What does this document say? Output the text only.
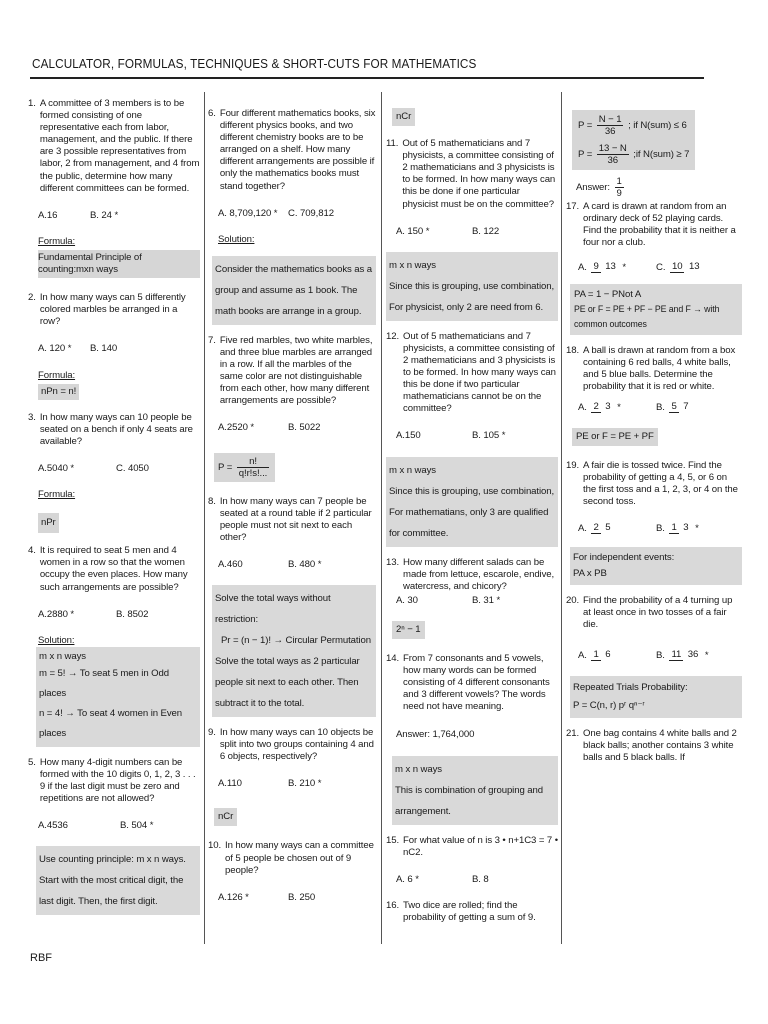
CALCULATOR, FORMULAS, TECHNIQUES & SHORT-CUTS FOR MATHEMATICS
1. A committee of 3 members is to be formed consisting of one representative each from labor, management, and the public. If there are 3 possible representatives from labor, 2 from management, and 4 from the public, determine how many different committees can be formed.
A.16	B. 24 *
Formula:
Fundamental Principle of counting:mxn ways
2. In how many ways can 5 differently colored marbles be arranged in a row?
A. 120 *	B. 140
Formula:
nPn = n!
3. In how many ways can 10 people be seated on a bench if only 4 seats are available?
A.5040 *	C. 4050
Formula:
nPr
4. It is required to seat 5 men and 4 women in a row so that the women occupy the even places. How many such arrangements are possible?
A.2880 *	B. 8502
Solution:

m x n ways

m = 5! → To seat 5 men in Odd places

n = 4! → To seat 4 women in Even places

5. How many 4-digit numbers can be formed with the 10 digits 0, 1, 2, 3 . . . 9 if the last digit must be zero and repetitions are not allowed?
A.4536	B. 504 *

Use counting principle: m x n ways.

Start with the most critical digit, the last digit. Then, the first digit.

6. Four different mathematics books, six different physics books, and two different chemistry books are to be arranged on a shelf. How many different arrangements are possible if only the mathematics books must stand together?
A. 8,709,120 *	C. 709,812
Solution:

Consider the mathematics books as a group and assume as 1 book. The math books are arrange in a group.

7. Five red marbles, two white marbles, and three blue marbles are arranged in a row. If all the marbles of the same color are not distinguishable from each other, how many different arrangements are possible?
A.2520 *	B. 5022
$P = \frac{n!}{q!r!s!...}$
8. In how many ways can 7 people be seated at a round table if 2 particular people must not sit next to each other?
A.460	B. 480 *

Solve the total ways without restriction:

Pr = (n − 1)! → Circular Permutation

Solve the total ways as 2 particular people sit next to each other. Then subtract it to the total.

9. In how many ways can 10 objects be split into two groups containing 4 and 6 objects, respectively?
A.110	B. 210 *
nCr
10. In how many ways can a committee of 5 people be chosen out of 9 people?
A.126 *	B. 250
nCr
11. Out of 5 mathematicians and 7 physicists, a committee consisting of 2 mathematicians and 3 physicists is to be formed. In how many ways can this be done if one particular physicist must be on the committee?
A. 150 *	B. 122

m x n ways

Since this is grouping, use combination,

For physicist, only 2 are need from 6.

12. Out of 5 mathematicians and 7 physicists, a committee consisting of 2 mathematicians and 3 physicists is to be formed. In how many ways can this be done if two particular mathematicians cannot be on the committee?
A.150	B. 105 *

m x n ways

Since this is grouping, use combination,

For mathematians, only 3 are qualified for committee.

13. How many different salads can be made from lettuce, escarole, endive, watercress, and chicory?
A. 30	B. 31 *
2ⁿ − 1
14. From 7 consonants and 5 vowels, how many words can be formed consisting of 4 different consonants and 3 different vowels? The words need not have meaning.
Answer: 1,764,000

m x n ways

This is combination of grouping and arrangement.

15. For what value of n is 3 • n+1C3 = 7 • nC2.
A. 6 *	B. 8
16. Two dice are rolled; find the probability of getting a sum of 9.
$P = \frac{N - 1}{36}$ ; if N(sum) ≤ 6
$P = \frac{13 - N}{36}$ ;if N(sum) ≥ 7
Answer: $\frac{1}{9}$
17. A card is drawn at random from an ordinary deck of 52 playing cards. Find the probability that it is neither a four nor a club.
A. 9 13 *	C. 10 13

PA = 1 − PNot A

PE or F = PE + PF − PE and F → with common outcomes

18. A ball is drawn at random from a box containing 6 red balls, 4 white balls, and 5 blue balls. Determine the probability that it is red or white.
A. 2 3 *	B. 5 7
PE or F = PE + PF
19. A fair die is tossed twice. Find the probability of getting a 4, 5, or 6 on the first toss and a 1, 2, 3, or 4 on the second toss.
A. 2 5	B. 1 3 *

For independent events:

PA x PB

20. Find the probability of a 4 turning up at least once in two tosses of a fair die.
A. 1 6	B. 11 36 *

Repeated Trials Probability:

P = C(n, r) pʳ qⁿ⁻ʳ

21. One bag contains 4 white balls and 2 black balls; another contains 3 white balls and 5 black balls. If
RBF
